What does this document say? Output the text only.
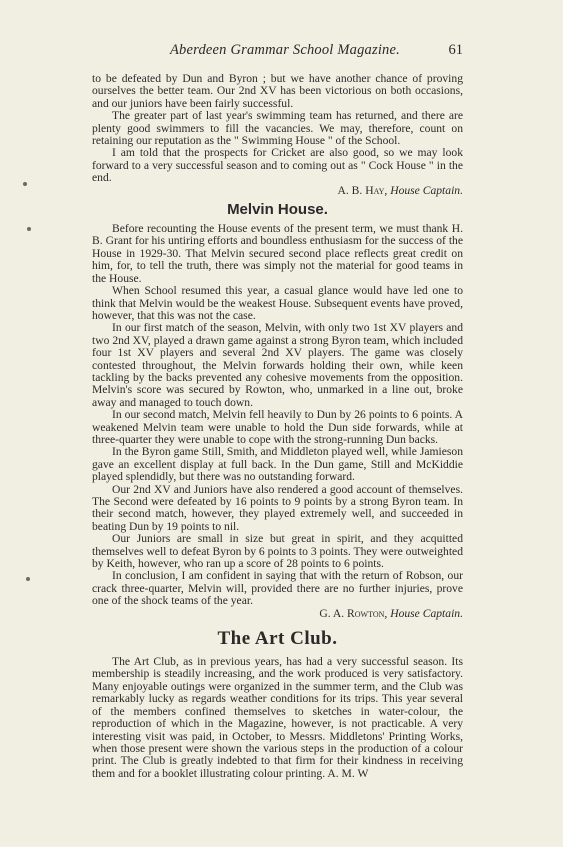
Aberdeen Grammar School Magazine.	61

to be defeated by Dun and Byron ; but we have another chance of proving ourselves the better team. Our 2nd XV has been victorious on both occasions, and our juniors have been fairly successful.

The greater part of last year's swimming team has returned, and there are plenty good swimmers to fill the vacancies. We may, therefore, count on retaining our reputation as the " Swimming House " of the School.

I am told that the prospects for Cricket are also good, so we may look forward to a very successful season and to coming out as " Cock House " in the end.

A. B. Hay, House Captain.

Melvin House.

Before recounting the House events of the present term, we must thank H. B. Grant for his untiring efforts and boundless enthusiasm for the success of the House in 1929-30. That Melvin secured second place reflects great credit on him, for, to tell the truth, there was simply not the material for good teams in the House.

When School resumed this year, a casual glance would have led one to think that Melvin would be the weakest House. Subsequent events have proved, however, that this was not the case.

In our first match of the season, Melvin, with only two 1st XV players and two 2nd XV, played a drawn game against a strong Byron team, which included four 1st XV players and several 2nd XV players. The game was closely contested throughout, the Melvin forwards holding their own, while keen tackling by the backs prevented any cohesive movements from the opposition. Melvin's score was secured by Rowton, who, unmarked in a line out, broke away and managed to touch down.

In our second match, Melvin fell heavily to Dun by 26 points to 6 points. A weakened Melvin team were unable to hold the Dun side forwards, while at three-quarter they were unable to cope with the strong-running Dun backs.

In the Byron game Still, Smith, and Middleton played well, while Jamieson gave an excellent display at full back. In the Dun game, Still and McKiddie played splendidly, but there was no outstanding forward.

Our 2nd XV and Juniors have also rendered a good account of themselves. The Second were defeated by 16 points to 9 points by a strong Byron team. In their second match, however, they played extremely well, and succeeded in beating Dun by 19 points to nil.

Our Juniors are small in size but great in spirit, and they acquitted themselves well to defeat Byron by 6 points to 3 points. They were outweighted by Keith, however, who ran up a score of 28 points to 6 points.

In conclusion, I am confident in saying that with the return of Robson, our crack three-quarter, Melvin will, provided there are no further injuries, prove one of the shock teams of the year.

G. A. Rowton, House Captain.

The Art Club.

The Art Club, as in previous years, has had a very successful season. Its membership is steadily increasing, and the work produced is very satisfactory. Many enjoyable outings were organized in the summer term, and the Club was remarkably lucky as regards weather conditions for its trips. This year several of the members confined themselves to sketches in water-colour, the reproduction of which in the Magazine, however, is not practicable. A very interesting visit was paid, in October, to Messrs. Middletons' Printing Works, when those present were shown the various steps in the production of a colour print. The Club is greatly indebted to that firm for their kindness in receiving them and for a booklet illustrating colour printing. A. M. W
